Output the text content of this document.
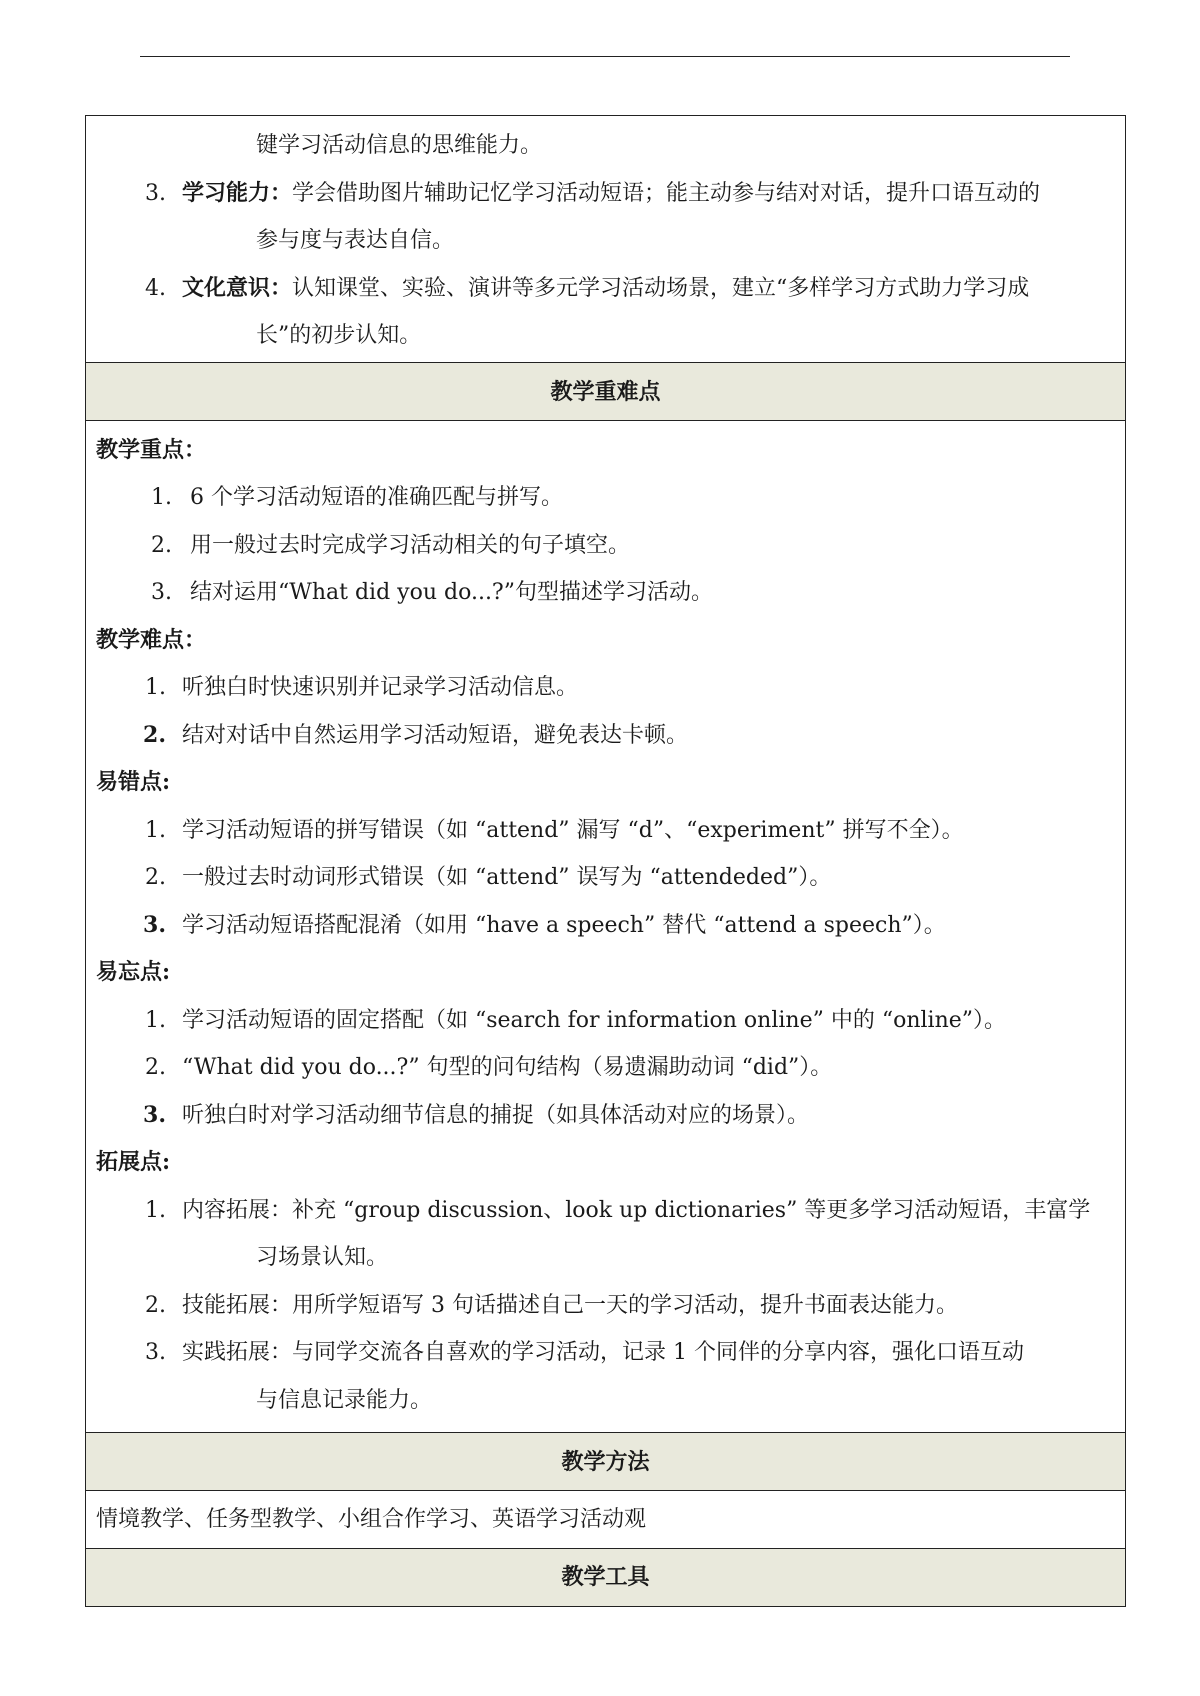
键学习活动信息的思维能力。
3. 学习能力：学会借助图片辅助记忆学习活动短语；能主动参与结对对话，提升口语互动的
参与度与表达自信。
4. 文化意识：认知课堂、实验、演讲等多元学习活动场景，建立“多样学习方式助力学习成
长”的初步认知。
教学重难点
教学重点：
1. 6 个学习活动短语的准确匹配与拼写。
2. 用一般过去时完成学习活动相关的句子填空。
3. 结对运用“What did you do...?”句型描述学习活动。
教学难点：
1. 听独白时快速识别并记录学习活动信息。
2. 结对对话中自然运用学习活动短语，避免表达卡顿。
易错点:
1. 学习活动短语的拼写错误（如 “attend” 漏写 “d”、“experiment” 拼写不全）。
2. 一般过去时动词形式错误（如 “attend” 误写为 “attendeded”）。
3. 学习活动短语搭配混淆（如用 “have a speech” 替代 “attend a speech”）。
易忘点:
1. 学习活动短语的固定搭配（如 “search for information online” 中的 “online”）。
2. “What did you do...?” 句型的问句结构（易遗漏助动词 “did”）。
3. 听独白时对学习活动细节信息的捕捉（如具体活动对应的场景）。
拓展点:
1. 内容拓展：补充 “group discussion、look up dictionaries” 等更多学习活动短语，丰富学
习场景认知。
2. 技能拓展：用所学短语写 3 句话描述自己一天的学习活动，提升书面表达能力。
3. 实践拓展：与同学交流各自喜欢的学习活动，记录 1 个同伴的分享内容，强化口语互动
与信息记录能力。
教学方法
情境教学、任务型教学、小组合作学习、英语学习活动观
教学工具
